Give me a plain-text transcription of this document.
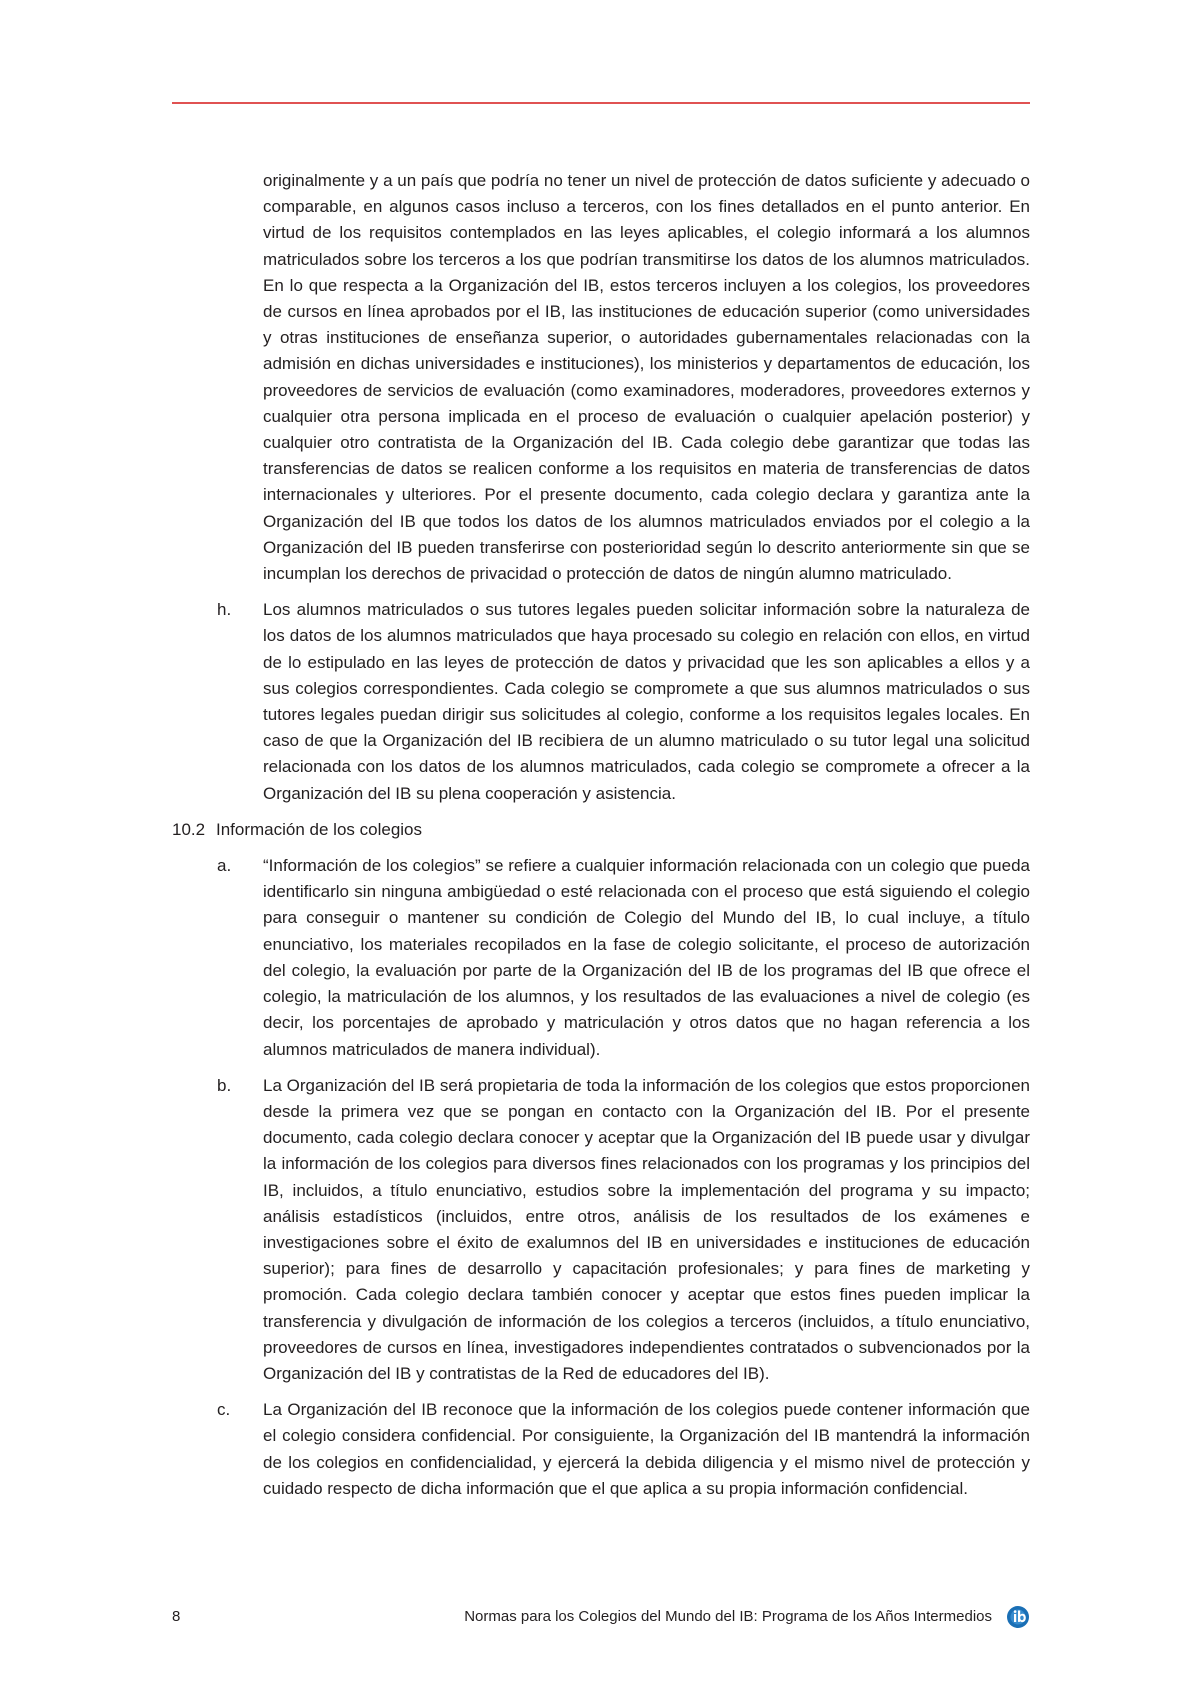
originalmente y a un país que podría no tener un nivel de protección de datos suficiente y adecuado o comparable, en algunos casos incluso a terceros, con los fines detallados en el punto anterior. En virtud de los requisitos contemplados en las leyes aplicables, el colegio informará a los alumnos matriculados sobre los terceros a los que podrían transmitirse los datos de los alumnos matriculados. En lo que respecta a la Organización del IB, estos terceros incluyen a los colegios, los proveedores de cursos en línea aprobados por el IB, las instituciones de educación superior (como universidades y otras instituciones de enseñanza superior, o autoridades gubernamentales relacionadas con la admisión en dichas universidades e instituciones), los ministerios y departamentos de educación, los proveedores de servicios de evaluación (como examinadores, moderadores, proveedores externos y cualquier otra persona implicada en el proceso de evaluación o cualquier apelación posterior) y cualquier otro contratista de la Organización del IB. Cada colegio debe garantizar que todas las transferencias de datos se realicen conforme a los requisitos en materia de transferencias de datos internacionales y ulteriores. Por el presente documento, cada colegio declara y garantiza ante la Organización del IB que todos los datos de los alumnos matriculados enviados por el colegio a la Organización del IB pueden transferirse con posterioridad según lo descrito anteriormente sin que se incumplan los derechos de privacidad o protección de datos de ningún alumno matriculado.

h. Los alumnos matriculados o sus tutores legales pueden solicitar información sobre la naturaleza de los datos de los alumnos matriculados que haya procesado su colegio en relación con ellos, en virtud de lo estipulado en las leyes de protección de datos y privacidad que les son aplicables a ellos y a sus colegios correspondientes. Cada colegio se compromete a que sus alumnos matriculados o sus tutores legales puedan dirigir sus solicitudes al colegio, conforme a los requisitos legales locales. En caso de que la Organización del IB recibiera de un alumno matriculado o su tutor legal una solicitud relacionada con los datos de los alumnos matriculados, cada colegio se compromete a ofrecer a la Organización del IB su plena cooperación y asistencia.

10.2 Información de los colegios
a. “Información de los colegios” se refiere a cualquier información relacionada con un colegio que pueda identificarlo sin ninguna ambigüedad o esté relacionada con el proceso que está siguiendo el colegio para conseguir o mantener su condición de Colegio del Mundo del IB, lo cual incluye, a título enunciativo, los materiales recopilados en la fase de colegio solicitante, el proceso de autorización del colegio, la evaluación por parte de la Organización del IB de los programas del IB que ofrece el colegio, la matriculación de los alumnos, y los resultados de las evaluaciones a nivel de colegio (es decir, los porcentajes de aprobado y matriculación y otros datos que no hagan referencia a los alumnos matriculados de manera individual).

b. La Organización del IB será propietaria de toda la información de los colegios que estos proporcionen desde la primera vez que se pongan en contacto con la Organización del IB. Por el presente documento, cada colegio declara conocer y aceptar que la Organización del IB puede usar y divulgar la información de los colegios para diversos fines relacionados con los programas y los principios del IB, incluidos, a título enunciativo, estudios sobre la implementación del programa y su impacto; análisis estadísticos (incluidos, entre otros, análisis de los resultados de los exámenes e investigaciones sobre el éxito de exalumnos del IB en universidades e instituciones de educación superior); para fines de desarrollo y capacitación profesionales; y para fines de marketing y promoción. Cada colegio declara también conocer y aceptar que estos fines pueden implicar la transferencia y divulgación de información de los colegios a terceros (incluidos, a título enunciativo, proveedores de cursos en línea, investigadores independientes contratados o subvencionados por la Organización del IB y contratistas de la Red de educadores del IB).

c. La Organización del IB reconoce que la información de los colegios puede contener información que el colegio considera confidencial. Por consiguiente, la Organización del IB mantendrá la información de los colegios en confidencialidad, y ejercerá la debida diligencia y el mismo nivel de protección y cuidado respecto de dicha información que el que aplica a su propia información confidencial.

8	Normas para los Colegios del Mundo del IB: Programa de los Años Intermedios
